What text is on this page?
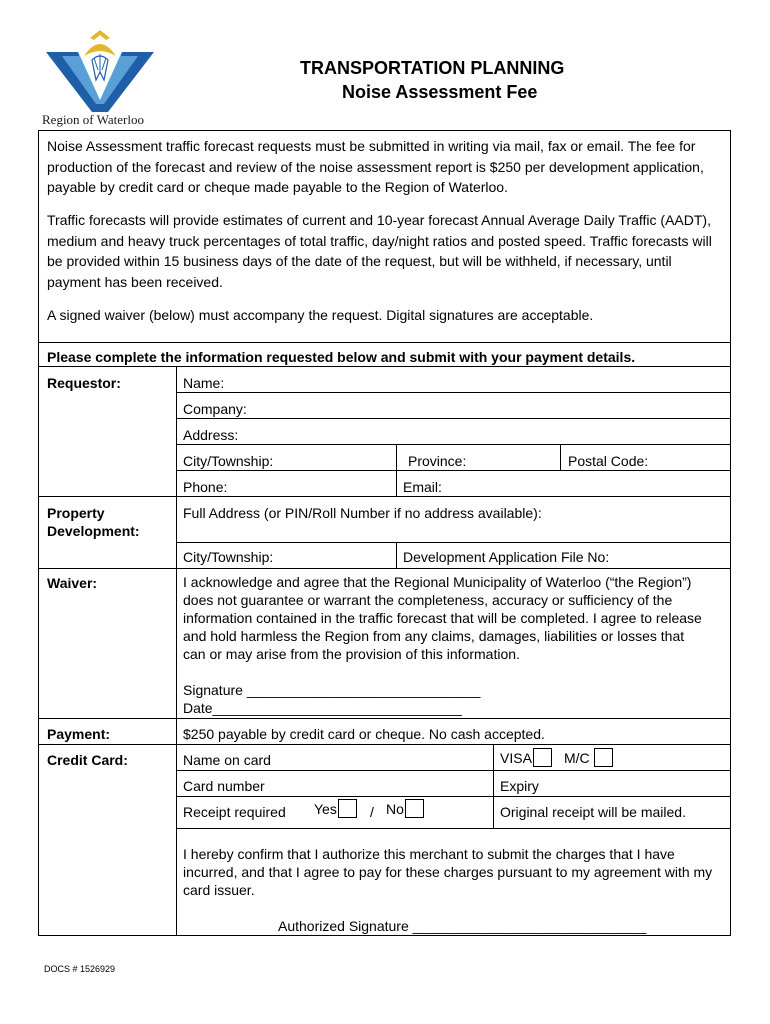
Region of Waterloo
TRANSPORTATION PLANNING
Noise Assessment Fee
Noise Assessment traffic forecast requests must be submitted in writing via mail, fax or email. The fee for production of the forecast and review of the noise assessment report is $250 per development application, payable by credit card or cheque made payable to the Region of Waterloo.
Traffic forecasts will provide estimates of current and 10-year forecast Annual Average Daily Traffic (AADT), medium and heavy truck percentages of total traffic, day/night ratios and posted speed. Traffic forecasts will be provided within 15 business days of the date of the request, but will be withheld, if necessary, until payment has been received.
A signed waiver (below) must accompany the request. Digital signatures are acceptable.
Please complete the information requested below and submit with your payment details.
Requestor:	Name:
Company:
Address:
City/Township:	Province:	Postal Code:
Phone:	Email:
Property
Development:
Full Address (or PIN/Roll Number if no address available):
City/Township:	Development Application File No:
Waiver:	I acknowledge and agree that the Regional Municipality of Waterloo (“the Region”) does not guarantee or warrant the completeness, accuracy or sufficiency of the information contained in the traffic forecast that will be completed. I agree to release and hold harmless the Region from any claims, damages, liabilities or losses that can or may arise from the provision of this information.
Signature ______________________________
Date________________________________
Payment:	$250 payable by credit card or cheque. No cash accepted.
Credit Card:	Name on card	VISA	M/C
Card number	Expiry
Receipt required Yes	/ No	Original receipt will be mailed.
I hereby confirm that I authorize this merchant to submit the charges that I have incurred, and that I agree to pay for these charges pursuant to my agreement with my card issuer.
Authorized Signature ______________________________
DOCS # 1526929
